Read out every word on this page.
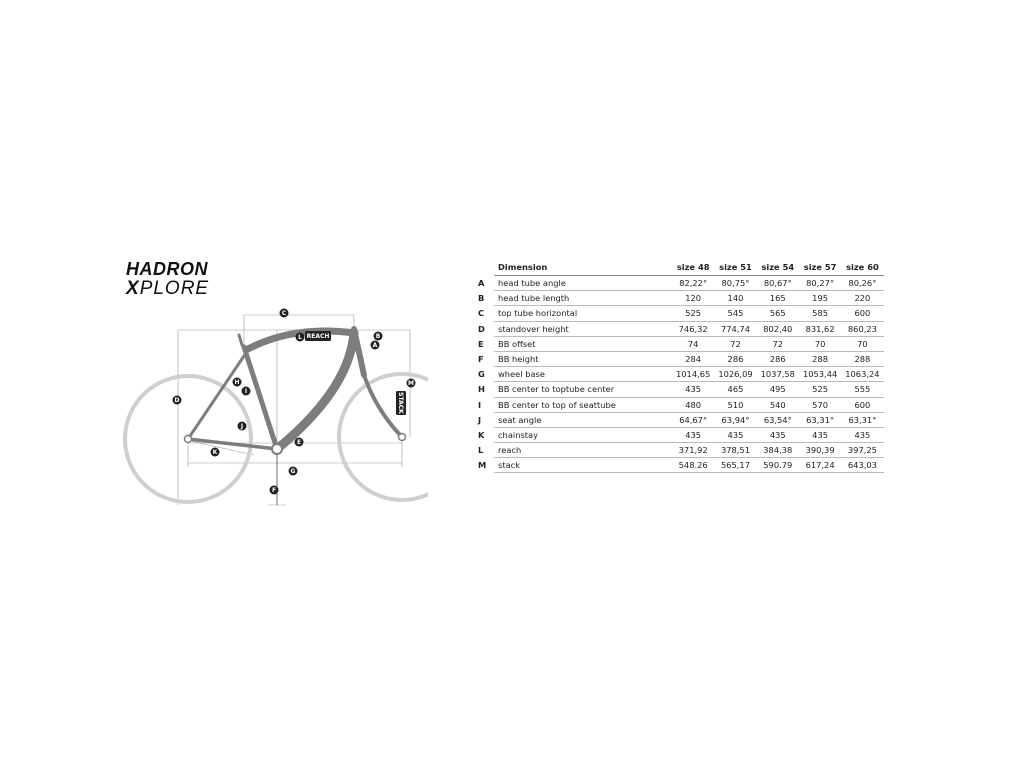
HADRON
XPLORE
C
L REACH	B
A
M
STACK
H
I
D
J
E
K
G
F
	Dimension	size 48	size 51	size 54	size 57	size 60
A	head tube angle	82,22°	80,75°	80,67°	80,27°	80,26°
B	head tube length	120	140	165	195	220
C	top tube horizontal	525	545	565	585	600
D	standover height	746,32	774,74	802,40	831,62	860,23
E	BB offset	74	72	72	70	70
F	BB height	284	286	286	288	288
G	wheel base	1014,65	1026,09	1037,58	1053,44	1063,24
H	BB center to toptube center	435	465	495	525	555
I	BB center to top of seattube	480	510	540	570	600
J	seat angle	64,67°	63,94°	63,54°	63,31°	63,31°
K	chainstay	435	435	435	435	435
L	reach	371,92	378,51	384,38	390,39	397,25
M	stack	548.26	565,17	590.79	617,24	643,03
